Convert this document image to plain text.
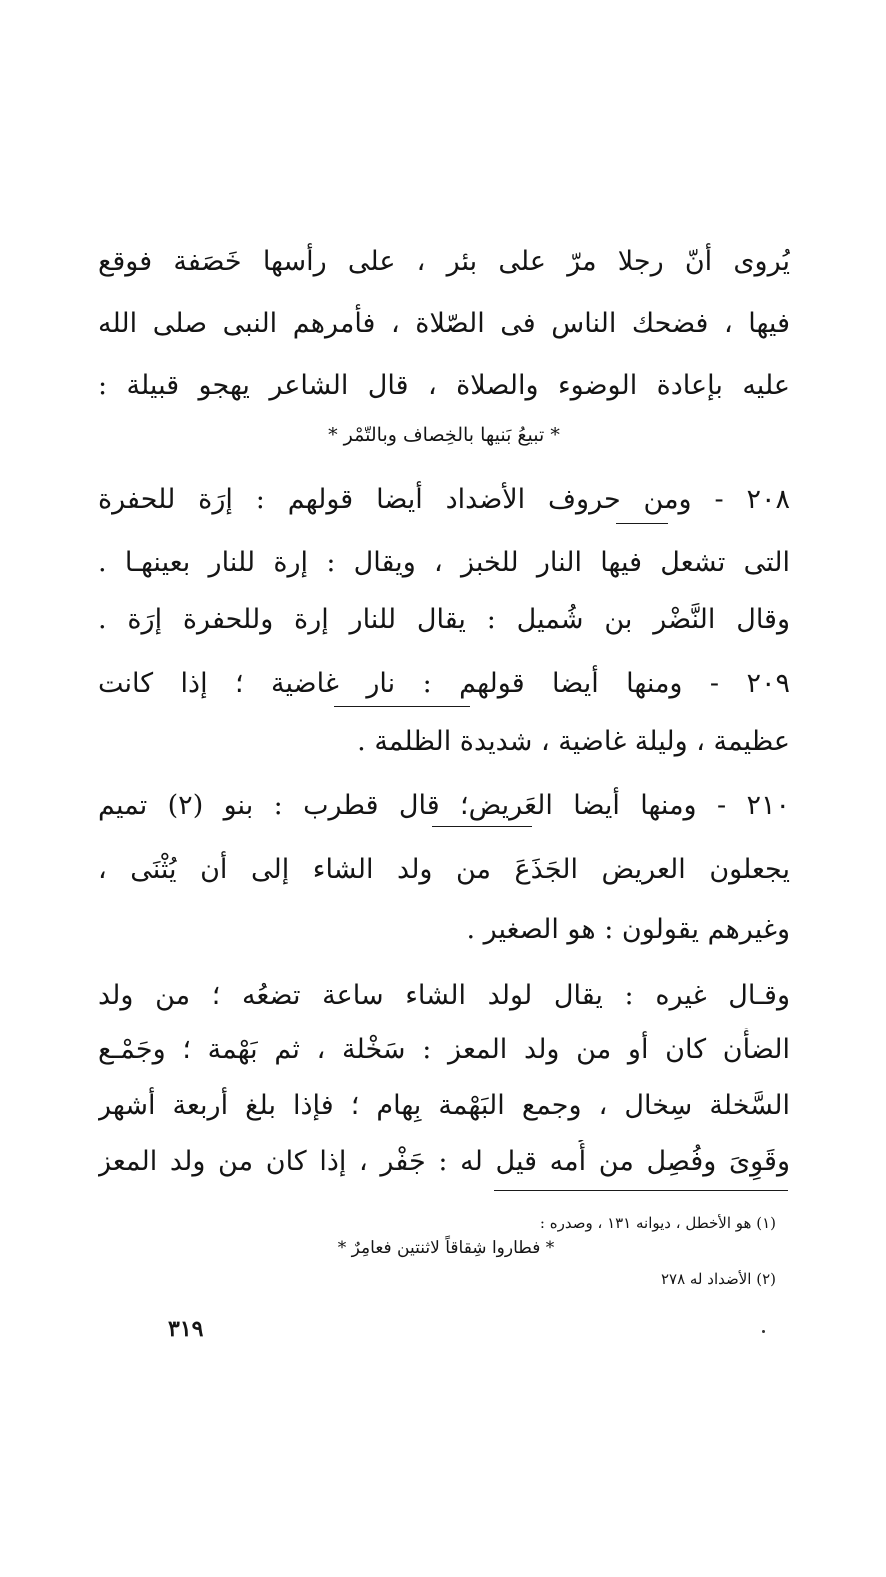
يُروى أنّ رجلا مرّ على بئر ، على رأسها خَصَفة فوقع
فيها ، فضحك الناس فى الصّلاة ، فأمرهم النبى صلى الله
عليه بإعادة الوضوء والصلاة ، قال الشاعر يهجو قبيلة :
* تبيعُ بَنيها بالخِصاف وبالتّمْر *
٢٠٨ - ومن حروف الأضداد أيضا قولهم : إرَة للحفرة
التى تشعل فيها النار للخبز ، ويقال : إرة للنار بعينهـا .
وقال النَّضْر بن شُميل : يقال للنار إرة وللحفرة إرَة .
٢٠٩ - ومنها أيضا قولهم : نار غاضية ؛ إذا كانت
عظيمة ، وليلة غاضية ، شديدة الظلمة .
٢١٠ - ومنها أيضا العَريض؛ قال قطرب : بنو (٢) تميم
يجعلون العريض الجَذَعَ من ولد الشاء إلى أن يُثْنَى ،
وغيرهم يقولون : هو الصغير .
وقـال غيره : يقال لولد الشاء ساعة تضعُه ؛ من ولد
الضأْن كان أو من ولد المعز : سَخْلة ، ثم بَهْمة ؛ وجَمْـع
السَّخلة سِخال ، وجمع البَهْمة بِهام ؛ فإذا بلغ أربعة أشهر
وقَوِىَ وفُصِل من أُمه قيل له : جَفْر ، إذا كان من ولد المعز
(١) هو الأخطل ، ديوانه ١٣١ ، وصدره :
* فطاروا شِقاقاً لاثنتين فعامِرٌ *
(٢) الأضداد له ٢٧٨
٣١٩
